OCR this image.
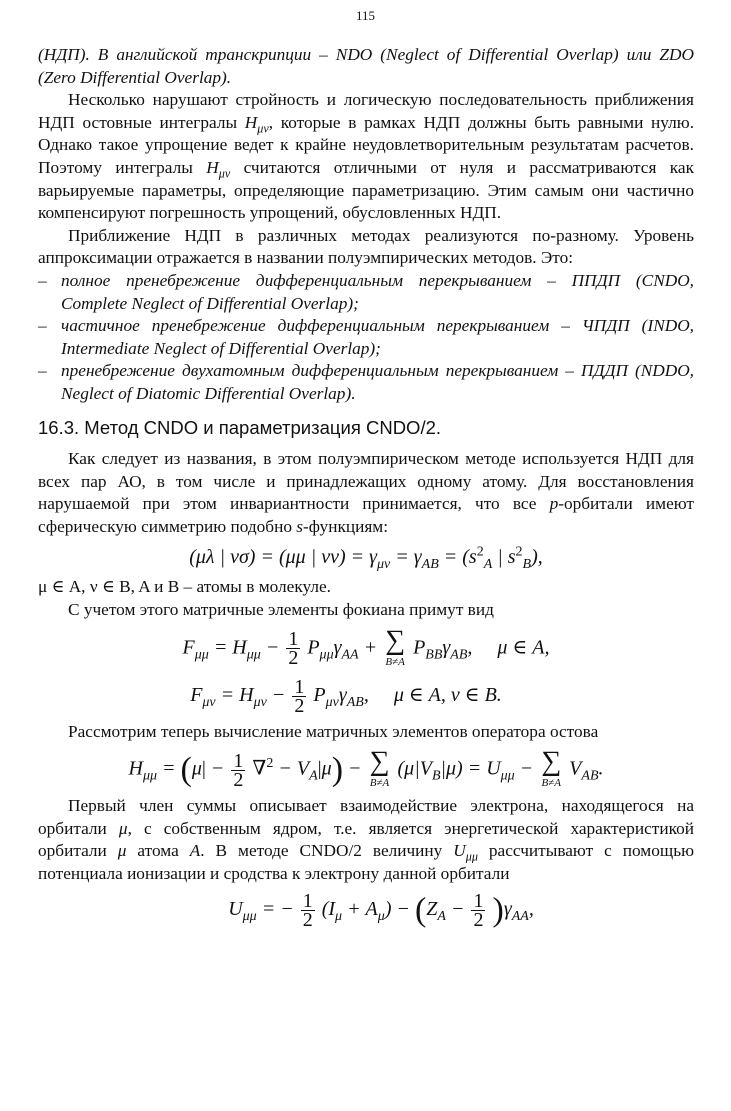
115

(НДП). В английской транскрипции – NDO (Neglect of Differential Overlap) или ZDO (Zero Differential Overlap).

Несколько нарушают стройность и логическую последовательность приближения НДП остовные интегралы $H_{\mu\nu}$, которые в рамках НДП должны быть равными нулю. Однако такое упрощение ведет к крайне неудовлетворительным результатам расчетов. Поэтому интегралы $H_{\mu\nu}$ считаются отличными от нуля и рассматриваются как варьируемые параметры, определяющие параметризацию. Этим самым они частично компенсируют погрешность упрощений, обусловленных НДП.

Приближение НДП в различных методах реализуются по-разному. Уровень аппроксимации отражается в названии полуэмпирических методов. Это:

– полное пренебрежение дифференциальным перекрыванием – ППДП (CNDO, Complete Neglect of Differential Overlap);
– частичное пренебрежение дифференциальным перекрыванием – ЧПДП (INDO, Intermediate Neglect of Differential Overlap);
– пренебрежение двухатомным дифференциальным перекрыванием – ПДДП (NDDO, Neglect of Diatomic Differential Overlap).
16.3. Метод CNDO и параметризация CNDO/2.

Как следует из названия, в этом полуэмпирическом методе используется НДП для всех пар АО, в том числе и принадлежащих одному атому. Для восстановления нарушаемой при этом инвариантности принимается, что все p-орбитали имеют сферическую симметрию подобно s-функциям:

(μλ | νσ) = (μμ | $\nu\nu) = \gamma_{\mu\nu} = \gamma_{AB} = (s^2_A$ | $s^2_B$),

μ ∈ A, ν ∈ B, A и B – атомы в молекуле.

С учетом этого матричные элементы фокиана примут вид

$F_{\mu\mu} = H_{\mu\mu} - \frac{1}{2} P_{\mu\mu}\gamma_{AA}$ + ∑
B≠A
$P_{BB}\gamma_{AB}$,     μ ∈ A,
$F_{\mu\nu} = H_{\mu\nu} - \frac{1}{2} P_{\mu\nu}\gamma_{AB}$,     μ ∈ A, ν ∈ B.

Рассмотрим теперь вычисление матричных элементов оператора остова

$H_{\mu\mu} = (\mu| - \frac{1}{2} \nabla^2 - V_A|\mu)$ − ∑
B≠A
$(\mu|V_B|\mu) = U_{\mu\mu}$ − ∑
B≠A
$V_{AB}$.

Первый член суммы описывает взаимодействие электрона, находящегося на орбитали μ, с собственным ядром, т.е. является энергетической характеристикой орбитали μ атома A. В методе CNDO/2 величину $U_{\mu\mu}$ рассчитывают с помощью потенциала ионизации и сродства к электрону данной орбитали

$U_{\mu\mu}$ = − $\frac{1}{2} (I_\mu + A_\mu) - (Z_A - \frac{1}{2} )\gamma_{AA}$,
